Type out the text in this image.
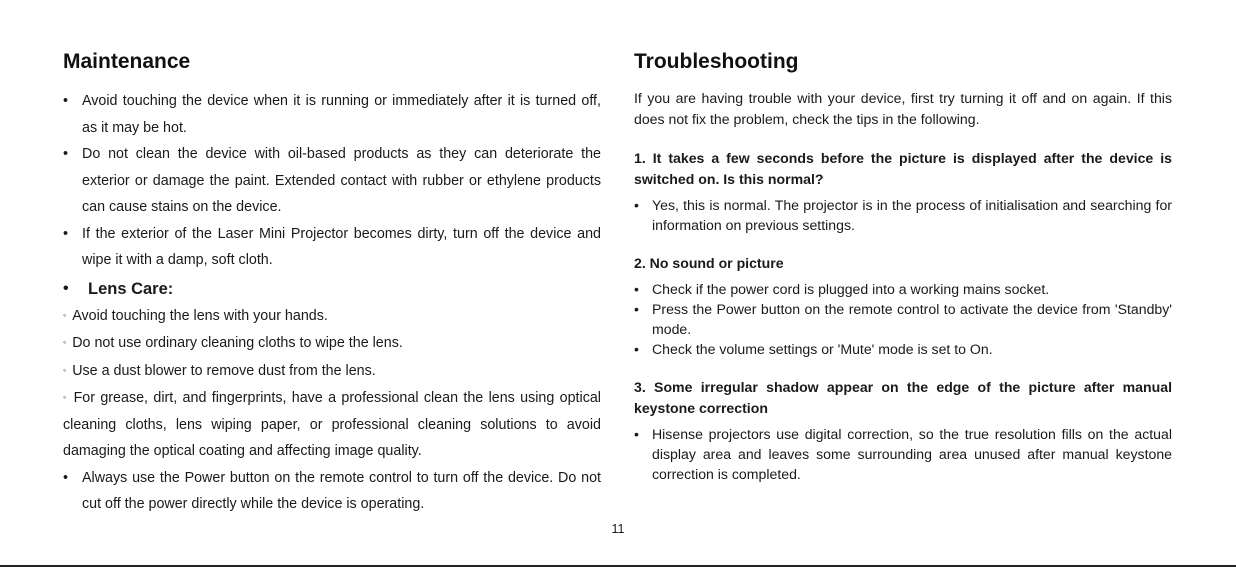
Maintenance
• Avoid touching the device when it is running or immediately after it is turned off, as it may be hot.
• Do not clean the device with oil-based products as they can deteriorate the exterior or damage the paint. Extended contact with rubber or ethylene products can cause stains on the device.
• If the exterior of the Laser Mini Projector becomes dirty, turn off the device and wipe it with a damp, soft cloth.
• Lens Care:
◦ Avoid touching the lens with your hands.
◦ Do not use ordinary cleaning cloths to wipe the lens.
◦ Use a dust blower to remove dust from the lens.
◦ For grease, dirt, and fingerprints, have a professional clean the lens using optical cleaning cloths, lens wiping paper, or professional cleaning solutions to avoid damaging the optical coating and affecting image quality.
• Always use the Power button on the remote control to turn off the device. Do not cut off the power directly while the device is operating.
Troubleshooting
If you are having trouble with your device, first try turning it off and on again. If this does not fix the problem, check the tips in the following.
1. It takes a few seconds before the picture is displayed after the device is switched on. Is this normal?
• Yes, this is normal. The projector is in the process of initialisation and searching for information on previous settings.
2. No sound or picture
• Check if the power cord is plugged into a working mains socket.
• Press the Power button on the remote control to activate the device from 'Standby' mode.
• Check the volume settings or 'Mute' mode is set to On.
3. Some irregular shadow appear on the edge of the picture after manual keystone correction
• Hisense projectors use digital correction, so the true resolution fills on the actual display area and leaves some surrounding area unused after manual keystone correction is completed.
11
